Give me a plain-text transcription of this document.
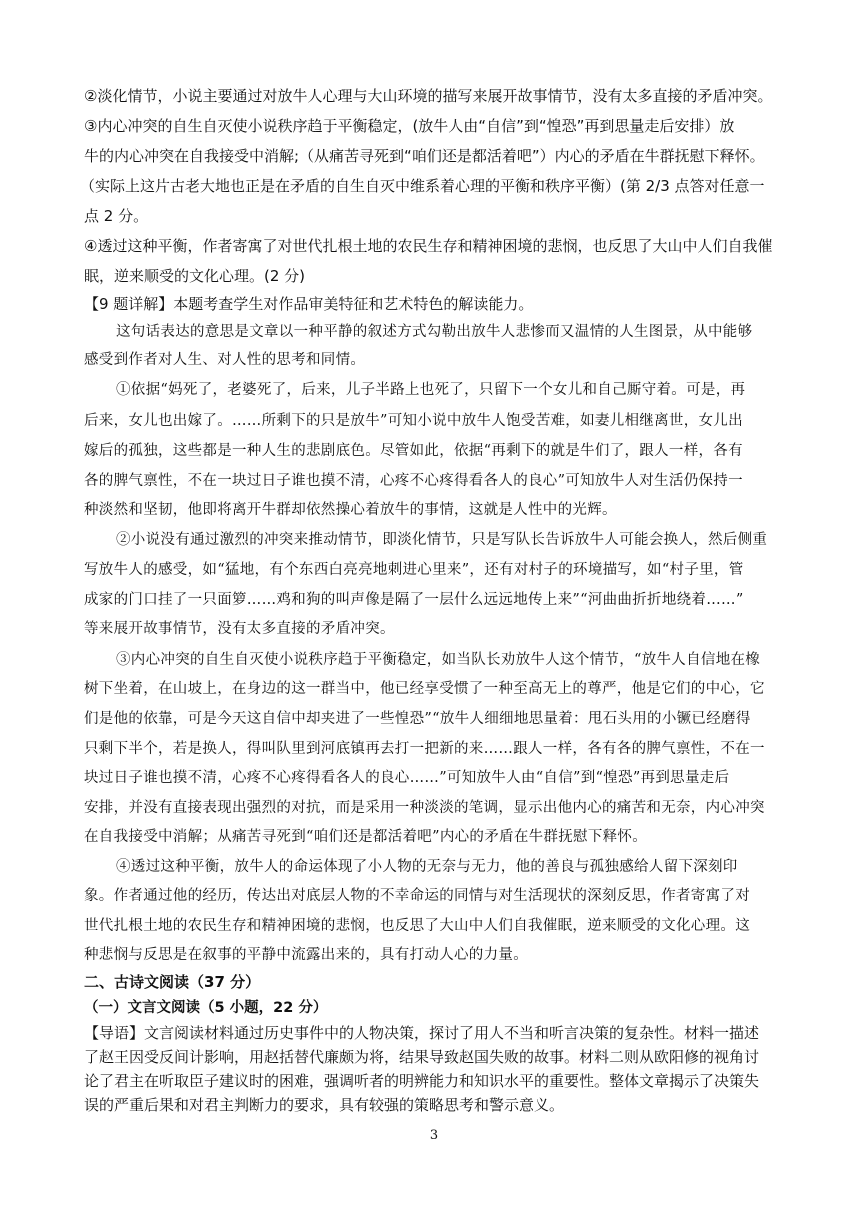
②淡化情节，小说主要通过对放牛人心理与大山环境的描写来展开故事情节，没有太多直接的矛盾冲突。
③内心冲突的自生自灭使小说秩序趋于平衡稳定，(放牛人由“自信”到“惶恐”再到思量走后安排）放
牛的内心冲突在自我接受中消解;（从痛苦寻死到“咱们还是都活着吧”）内心的矛盾在牛群抚慰下释怀。
（实际上这片古老大地也正是在矛盾的自生自灭中维系着心理的平衡和秩序平衡）(第 2/3 点答对任意一
点 2 分。
④透过这种平衡，作者寄寓了对世代扎根土地的农民生存和精神困境的悲悯，也反思了大山中人们自我催
眠，逆来顺受的文化心理。(2 分)
【9 题详解】本题考查学生对作品审美特征和艺术特色的解读能力。
这句话表达的意思是文章以一种平静的叙述方式勾勒出放牛人悲惨而又温情的人生图景，从中能够
感受到作者对人生、对人性的思考和同情。
①依据“妈死了，老婆死了，后来，儿子半路上也死了，只留下一个女儿和自己厮守着。可是，再
后来，女儿也出嫁了。……所剩下的只是放牛”可知小说中放牛人饱受苦难，如妻儿相继离世，女儿出
嫁后的孤独，这些都是一种人生的悲剧底色。尽管如此，依据“再剩下的就是牛们了，跟人一样，各有
各的脾气禀性，不在一块过日子谁也摸不清，心疼不心疼得看各人的良心”可知放牛人对生活仍保持一
种淡然和坚韧，他即将离开牛群却依然操心着放牛的事情，这就是人性中的光辉。
②小说没有通过激烈的冲突来推动情节，即淡化情节，只是写队长告诉放牛人可能会换人，然后侧重
写放牛人的感受，如“猛地，有个东西白亮亮地刺进心里来”，还有对村子的环境描写，如“村子里，管
成家的门口挂了一只面箩……鸡和狗的叫声像是隔了一层什么远远地传上来”“河曲曲折折地绕着……”
等来展开故事情节，没有太多直接的矛盾冲突。
③内心冲突的自生自灭使小说秩序趋于平衡稳定，如当队长劝放牛人这个情节，“放牛人自信地在橡
树下坐着，在山坡上，在身边的这一群当中，他已经享受惯了一种至高无上的尊严，他是它们的中心，它
们是他的依靠，可是今天这自信中却夹进了一些惶恐”“放牛人细细地思量着：甩石头用的小镢已经磨得
只剩下半个，若是换人，得叫队里到河底镇再去打一把新的来……跟人一样，各有各的脾气禀性，不在一
块过日子谁也摸不清，心疼不心疼得看各人的良心……”可知放牛人由“自信”到“惶恐”再到思量走后
安排，并没有直接表现出强烈的对抗，而是采用一种淡淡的笔调，显示出他内心的痛苦和无奈，内心冲突
在自我接受中消解；从痛苦寻死到“咱们还是都活着吧”内心的矛盾在牛群抚慰下释怀。
④透过这种平衡，放牛人的命运体现了小人物的无奈与无力，他的善良与孤独感给人留下深刻印
象。作者通过他的经历，传达出对底层人物的不幸命运的同情与对生活现状的深刻反思，作者寄寓了对
世代扎根土地的农民生存和精神困境的悲悯，也反思了大山中人们自我催眠，逆来顺受的文化心理。这
种悲悯与反思是在叙事的平静中流露出来的，具有打动人心的力量。
二、古诗文阅读（37 分）
（一）文言文阅读（5 小题，22 分）
【导语】文言阅读材料通过历史事件中的人物决策，探讨了用人不当和听言决策的复杂性。材料一描述
了赵王因受反间计影响，用赵括替代廉颇为将，结果导致赵国失败的故事。材料二则从欧阳修的视角讨
论了君主在听取臣子建议时的困难，强调听者的明辨能力和知识水平的重要性。整体文章揭示了决策失
误的严重后果和对君主判断力的要求，具有较强的策略思考和警示意义。
3
